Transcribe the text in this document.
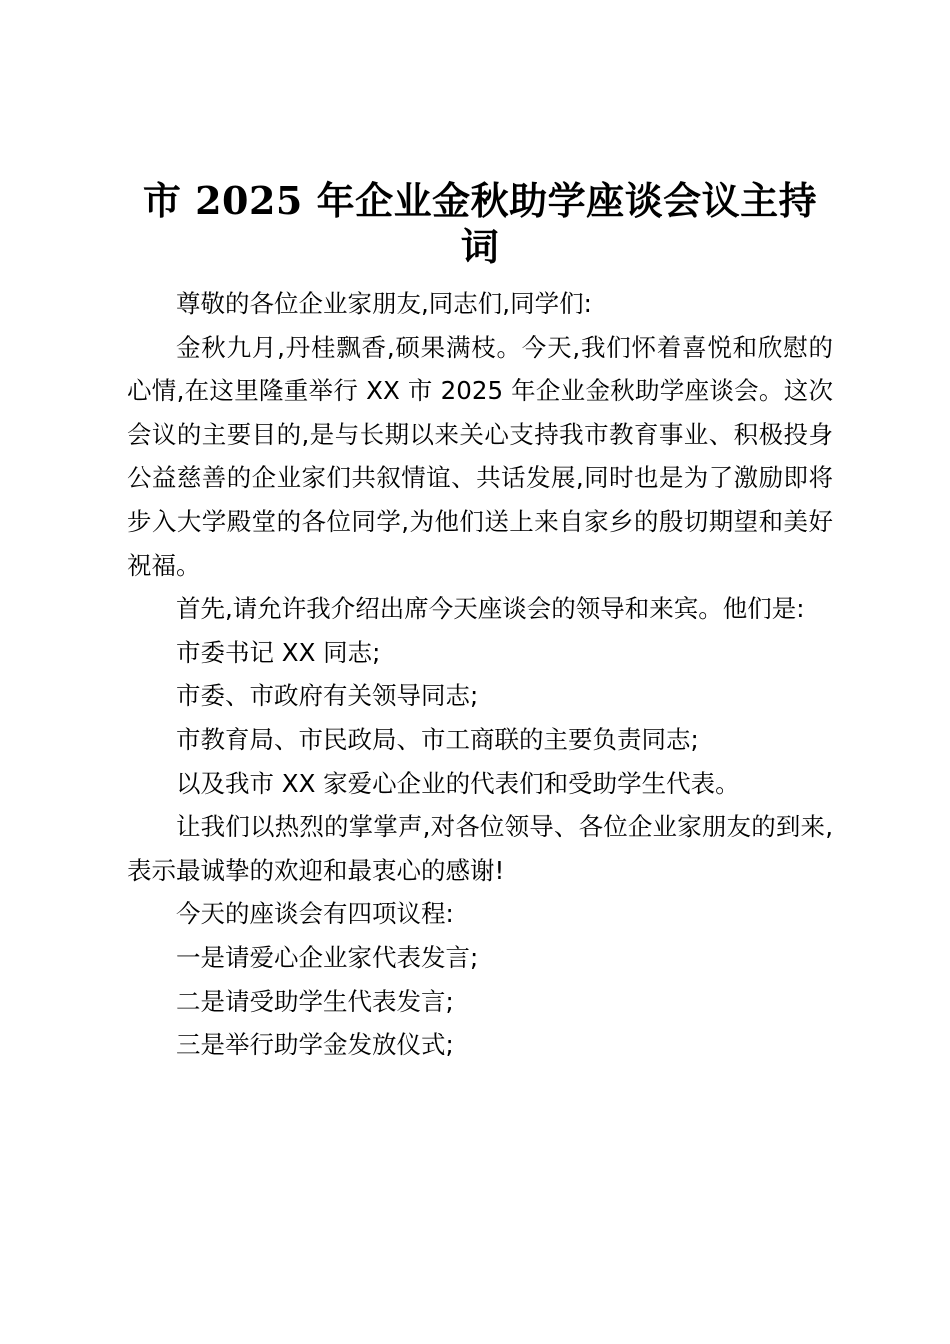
市 2025 年企业金秋助学座谈会议主持词

尊敬的各位企业家朋友,同志们,同学们:

金秋九月,丹桂飘香,硕果满枝。今天,我们怀着喜悦和欣慰的心情,在这里隆重举行 XX 市 2025 年企业金秋助学座谈会。这次会议的主要目的,是与长期以来关心支持我市教育事业、积极投身公益慈善的企业家们共叙情谊、共话发展,同时也是为了激励即将步入大学殿堂的各位同学,为他们送上来自家乡的殷切期望和美好祝福。

首先,请允许我介绍出席今天座谈会的领导和来宾。他们是:

市委书记 XX 同志;

市委、市政府有关领导同志;

市教育局、市民政局、市工商联的主要负责同志;

以及我市 XX 家爱心企业的代表们和受助学生代表。

让我们以热烈的掌掌声,对各位领导、各位企业家朋友的到来,表示最诚挚的欢迎和最衷心的感谢!

今天的座谈会有四项议程:

一是请爱心企业家代表发言;

二是请受助学生代表发言;

三是举行助学金发放仪式;
